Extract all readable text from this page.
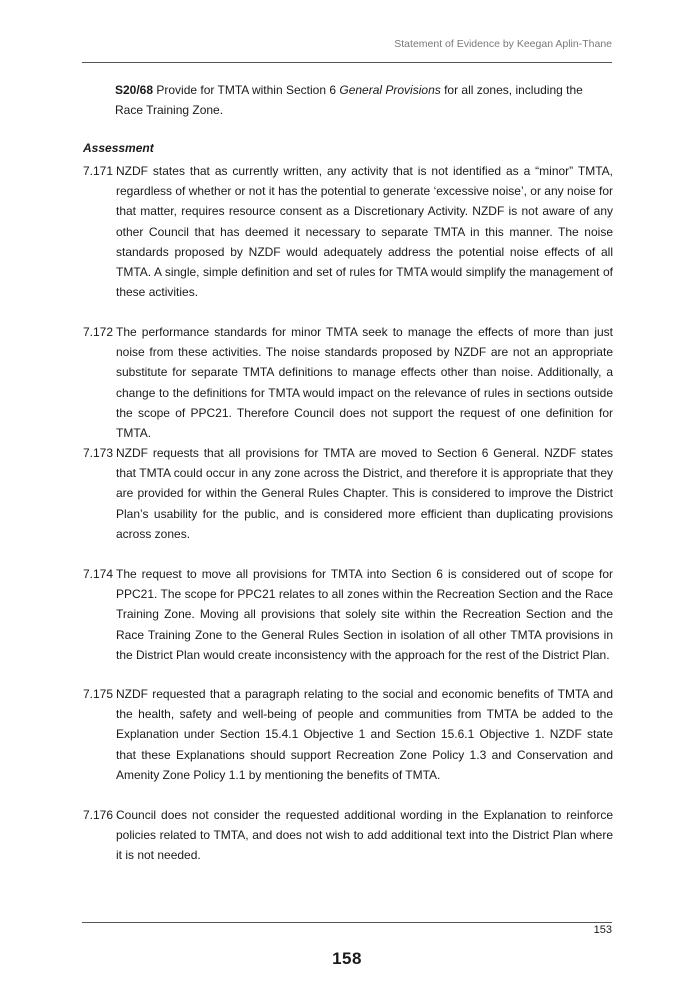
Statement of Evidence by Keegan Aplin-Thane
S20/68 Provide for TMTA within Section 6 General Provisions for all zones, including the Race Training Zone.
Assessment
7.171 NZDF states that as currently written, any activity that is not identified as a “minor” TMTA, regardless of whether or not it has the potential to generate ‘excessive noise’, or any noise for that matter, requires resource consent as a Discretionary Activity. NZDF is not aware of any other Council that has deemed it necessary to separate TMTA in this manner. The noise standards proposed by NZDF would adequately address the potential noise effects of all TMTA. A single, simple definition and set of rules for TMTA would simplify the management of these activities.
7.172 The performance standards for minor TMTA seek to manage the effects of more than just noise from these activities. The noise standards proposed by NZDF are not an appropriate substitute for separate TMTA definitions to manage effects other than noise. Additionally, a change to the definitions for TMTA would impact on the relevance of rules in sections outside the scope of PPC21. Therefore Council does not support the request of one definition for TMTA.
7.173 NZDF requests that all provisions for TMTA are moved to Section 6 General. NZDF states that TMTA could occur in any zone across the District, and therefore it is appropriate that they are provided for within the General Rules Chapter. This is considered to improve the District Plan’s usability for the public, and is considered more efficient than duplicating provisions across zones.
7.174 The request to move all provisions for TMTA into Section 6 is considered out of scope for PPC21. The scope for PPC21 relates to all zones within the Recreation Section and the Race Training Zone. Moving all provisions that solely site within the Recreation Section and the Race Training Zone to the General Rules Section in isolation of all other TMTA provisions in the District Plan would create inconsistency with the approach for the rest of the District Plan.
7.175 NZDF requested that a paragraph relating to the social and economic benefits of TMTA and the health, safety and well-being of people and communities from TMTA be added to the Explanation under Section 15.4.1 Objective 1 and Section 15.6.1 Objective 1. NZDF state that these Explanations should support Recreation Zone Policy 1.3 and Conservation and Amenity Zone Policy 1.1 by mentioning the benefits of TMTA.
7.176 Council does not consider the requested additional wording in the Explanation to reinforce policies related to TMTA, and does not wish to add additional text into the District Plan where it is not needed.
153
158
